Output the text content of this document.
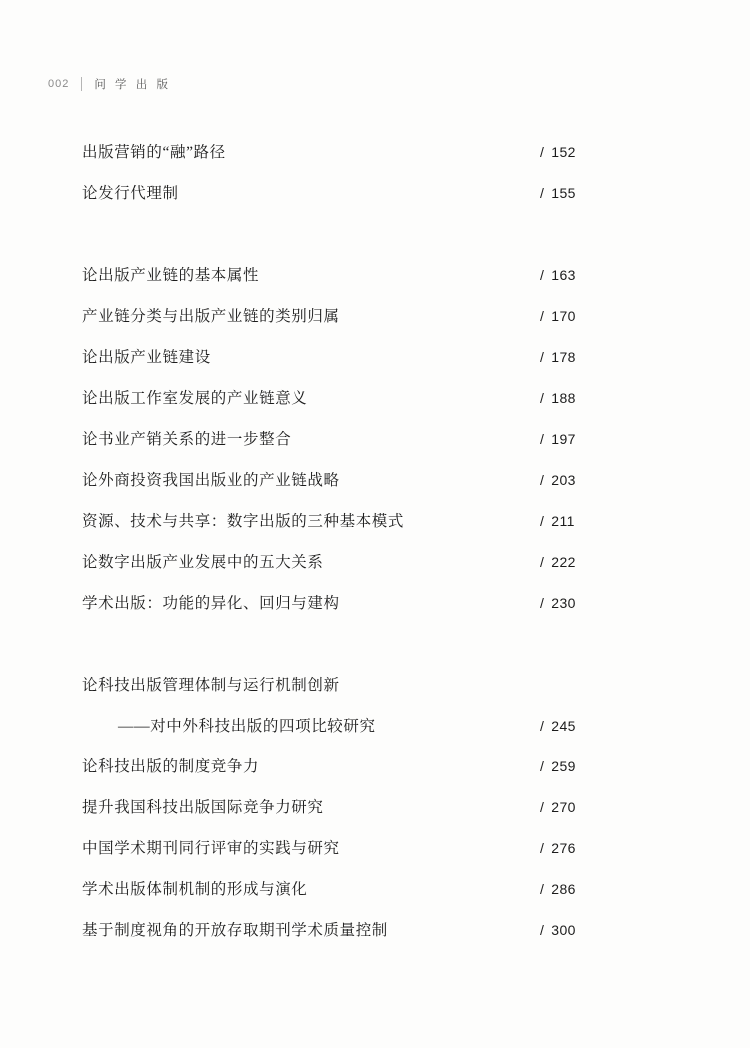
002 问 学 出 版
出版营销的“融”路径	/ 152
论发行代理制	/ 155
论出版产业链的基本属性	/ 163
产业链分类与出版产业链的类别归属	/ 170
论出版产业链建设	/ 178
论出版工作室发展的产业链意义	/ 188
论书业产销关系的进一步整合	/ 197
论外商投资我国出版业的产业链战略	/ 203
资源、技术与共享：数字出版的三种基本模式	/ 211
论数字出版产业发展中的五大关系	/ 222
学术出版：功能的异化、回归与建构	/ 230
论科技出版管理体制与运行机制创新
——对中外科技出版的四项比较研究	/ 245
论科技出版的制度竞争力	/ 259
提升我国科技出版国际竞争力研究	/ 270
中国学术期刊同行评审的实践与研究	/ 276
学术出版体制机制的形成与演化	/ 286
基于制度视角的开放存取期刊学术质量控制	/ 300
